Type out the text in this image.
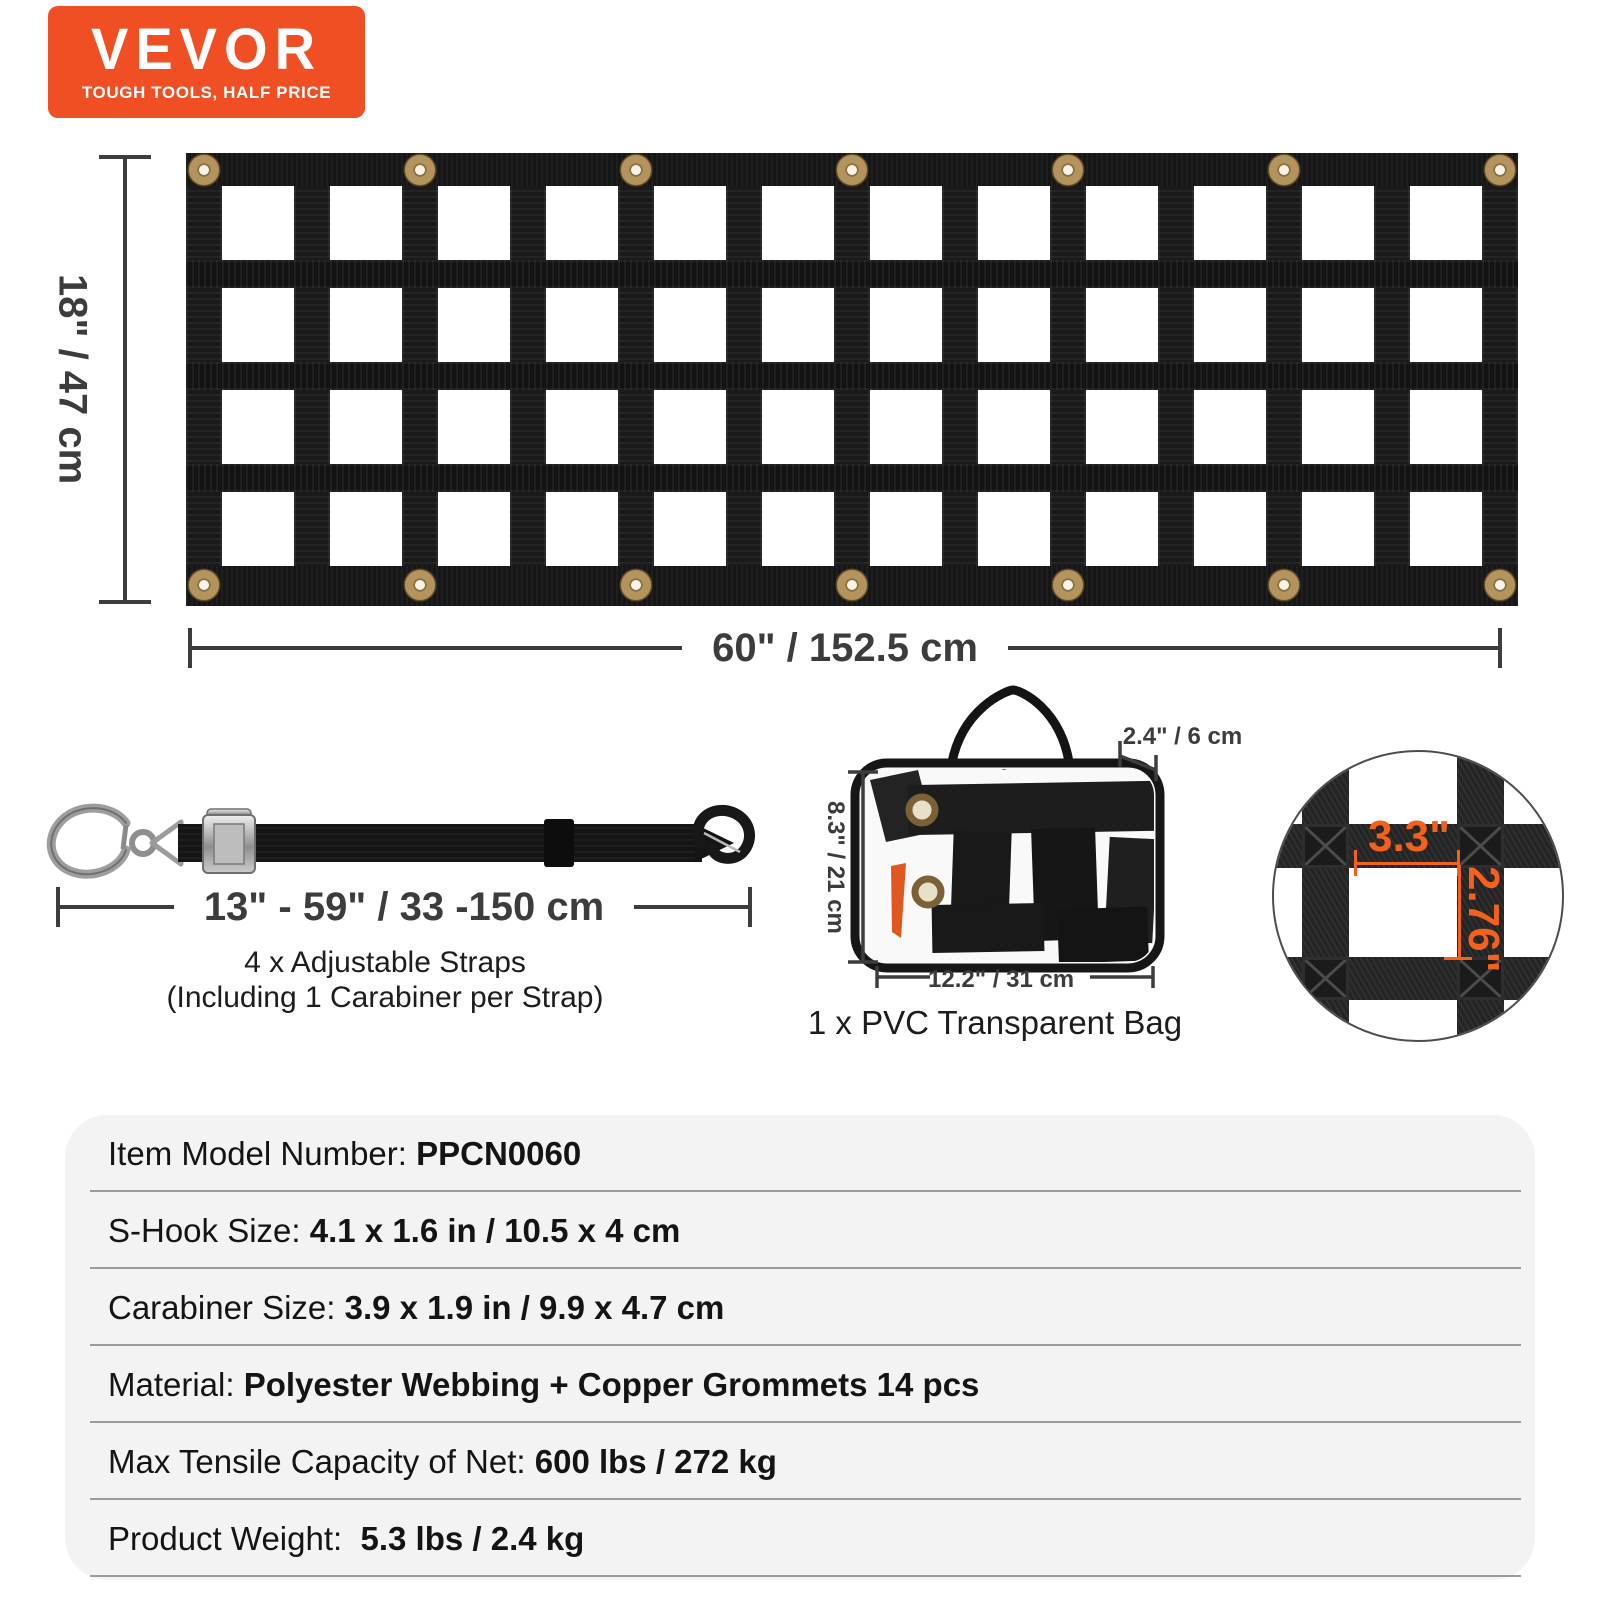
VEVOR
TOUGH TOOLS, HALF PRICE
18" / 47 cm
60" / 152.5 cm
13" - 59" / 33 -150 cm
4 x Adjustable Straps
(Including 1 Carabiner per Strap)
2.4" / 6 cm
8.3" / 21 cm
12.2" / 31 cm
1 x PVC Transparent Bag
3.3"
2.76"
Item Model Number: PPCN0060
S-Hook Size: 4.1 x 1.6 in / 10.5 x 4 cm
Carabiner Size: 3.9 x 1.9 in / 9.9 x 4.7 cm
Material: Polyester Webbing + Copper Grommets 14 pcs
Max Tensile Capacity of Net: 600 lbs / 272 kg
Product Weight: 5.3 lbs / 2.4 kg
